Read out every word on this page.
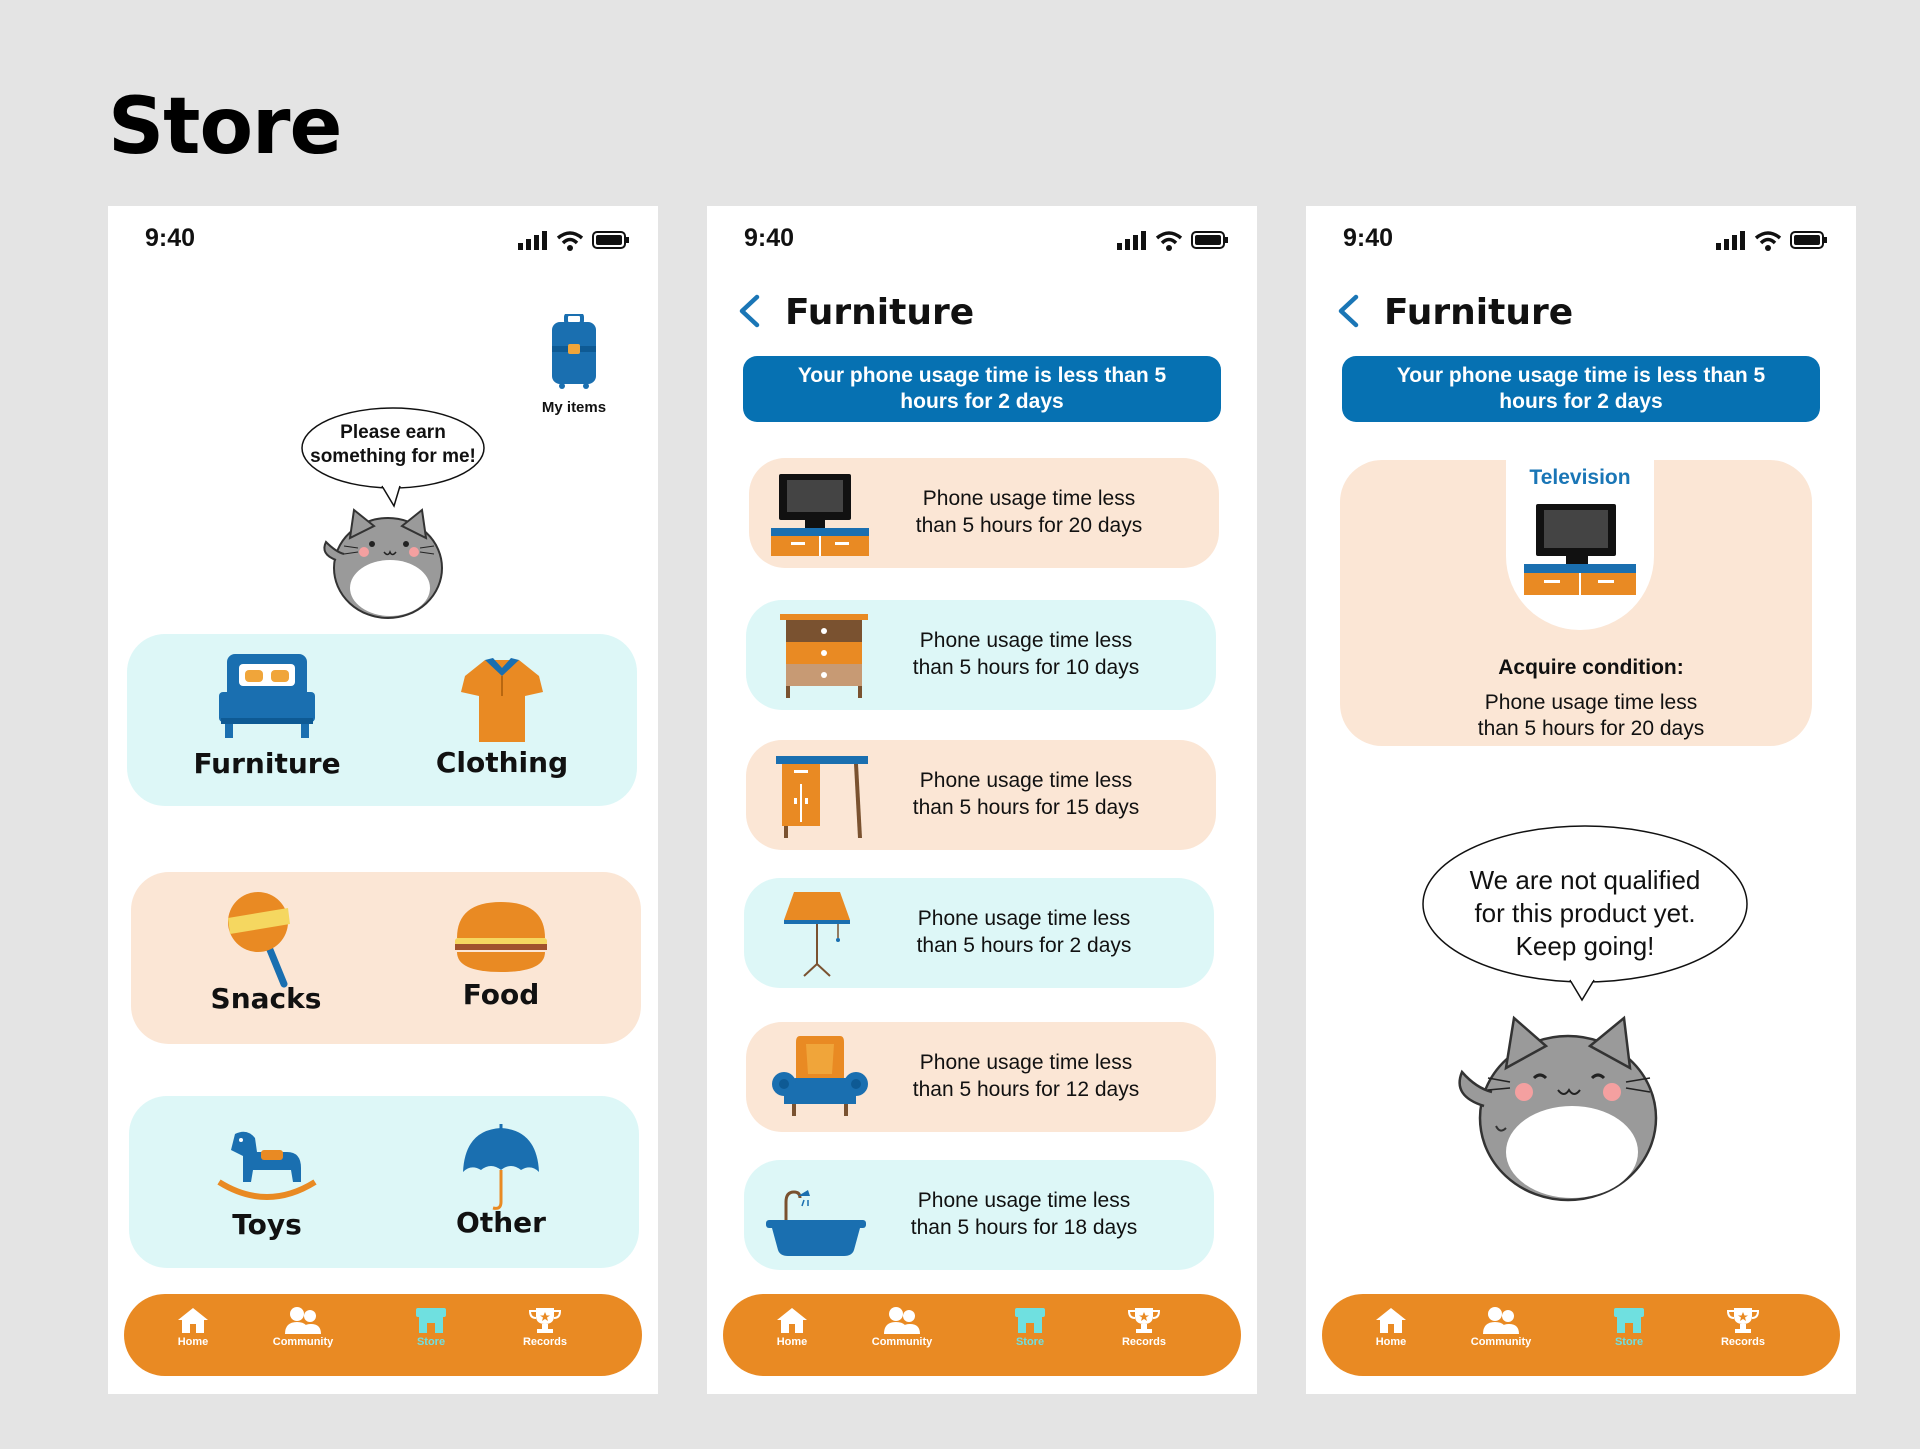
Store
9:40
My items
Please earn
something for me!
Furniture	Clothing
Snacks	Food
Toys	Other
Home	Community	Store	Records
9:40
Furniture
Your phone usage time is less than 5
hours for 2 days
Phone usage time less
than 5 hours for 20 days
Phone usage time less
than 5 hours for 10 days
Phone usage time less
than 5 hours for 15 days
Phone usage time less
than 5 hours for 2 days
Phone usage time less
than 5 hours for 12 days
Phone usage time less
than 5 hours for 18 days
Home	Community	Store	Records
9:40
Furniture
Your phone usage time is less than 5
hours for 2 days
Television
Acquire condition:
Phone usage time less
than 5 hours for 20 days
We are not qualified
for this product yet.
Keep going!
Home	Community	Store	Records
